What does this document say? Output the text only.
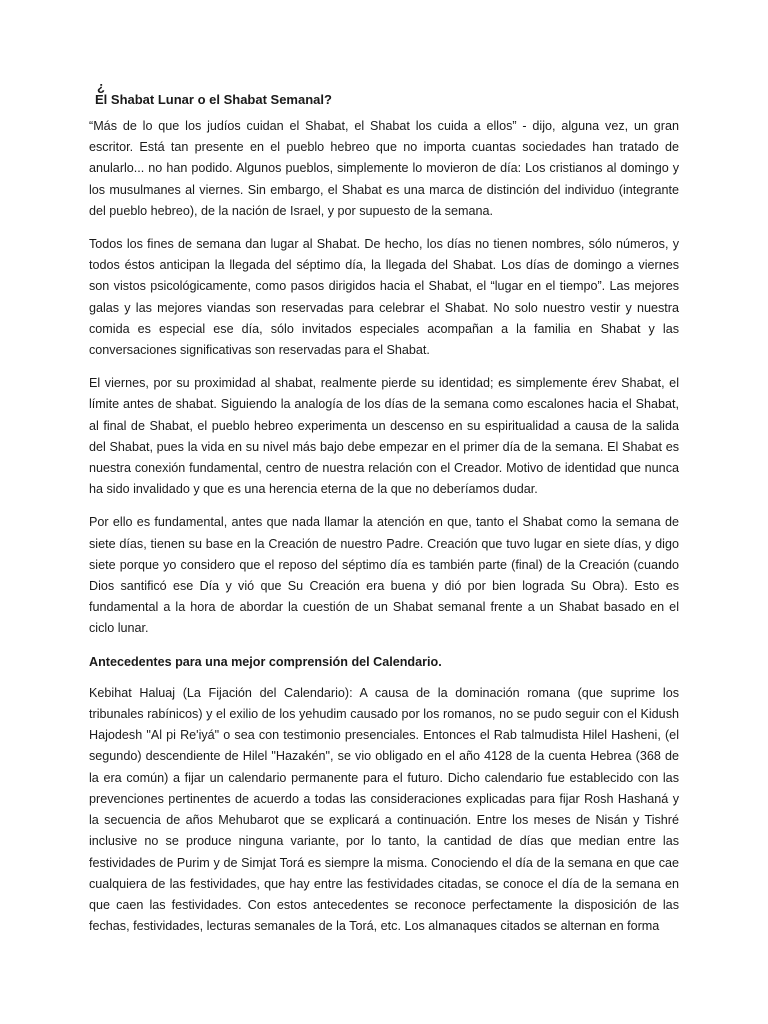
¿
El Shabat Lunar o el Shabat Semanal?

“Más de lo que los judíos cuidan el Shabat, el Shabat los cuida a ellos” - dijo, alguna vez, un gran escritor. Está tan presente en el pueblo hebreo que no importa cuantas sociedades han tratado de anularlo... no han podido. Algunos pueblos, simplemente lo movieron de día: Los cristianos al domingo y los musulmanes al viernes. Sin embargo, el Shabat es una marca de distinción del individuo (integrante del pueblo hebreo), de la nación de Israel, y por supuesto de la semana.

Todos los fines de semana dan lugar al Shabat. De hecho, los días no tienen nombres, sólo números, y todos éstos anticipan la llegada del séptimo día, la llegada del Shabat. Los días de domingo a viernes son vistos psicológicamente, como pasos dirigidos hacia el Shabat, el “lugar en el tiempo”. Las mejores galas y las mejores viandas son reservadas para celebrar el Shabat. No solo nuestro vestir y nuestra comida es especial ese día, sólo invitados especiales acompañan a la familia en Shabat y las conversaciones significativas son reservadas para el Shabat.

El viernes, por su proximidad al shabat, realmente pierde su identidad; es simplemente érev Shabat, el límite antes de shabat. Siguiendo la analogía de los días de la semana como escalones hacia el Shabat, al final de Shabat, el pueblo hebreo experimenta un descenso en su espiritualidad a causa de la salida del Shabat, pues la vida en su nivel más bajo debe empezar en el primer día de la semana. El Shabat es nuestra conexión fundamental, centro de nuestra relación con el Creador. Motivo de identidad que nunca ha sido invalidado y que es una herencia eterna de la que no deberíamos dudar.

Por ello es fundamental, antes que nada llamar la atención en que, tanto el Shabat como la semana de siete días, tienen su base en la Creación de nuestro Padre. Creación que tuvo lugar en siete días, y digo siete porque yo considero que el reposo del séptimo día es también parte (final) de la Creación (cuando Dios santificó ese Día y vió que Su Creación era buena y dió por bien lograda Su Obra). Esto es fundamental a la hora de abordar la cuestión de un Shabat semanal frente a un Shabat basado en el ciclo lunar.

Antecedentes para una mejor comprensión del Calendario.

Kebihat Haluaj (La Fijación del Calendario): A causa de la dominación romana (que suprime los tribunales rabínicos) y el exilio de los yehudim causado por los romanos, no se pudo seguir con el Kidush Hajodesh "Al pi Re'iyá" o sea con testimonio presenciales. Entonces el Rab talmudista Hilel Hasheni, (el segundo) descendiente de Hilel "Hazakén", se vio obligado en el año 4128 de la cuenta Hebrea (368 de la era común) a fijar un calendario permanente para el futuro. Dicho calendario fue establecido con las prevenciones pertinentes de acuerdo a todas las consideraciones explicadas para fijar Rosh Hashaná y la secuencia de años Mehubarot que se explicará a continuación. Entre los meses de Nisán y Tishré inclusive no se produce ninguna variante, por lo tanto, la cantidad de días que median entre las festividades de Purim y de Simjat Torá es siempre la misma. Conociendo el día de la semana en que cae cualquiera de las festividades, que hay entre las festividades citadas, se conoce el día de la semana en que caen las festividades. Con estos antecedentes se reconoce perfectamente la disposición de las fechas, festividades, lecturas semanales de la Torá, etc. Los almanaques citados se alternan en forma
